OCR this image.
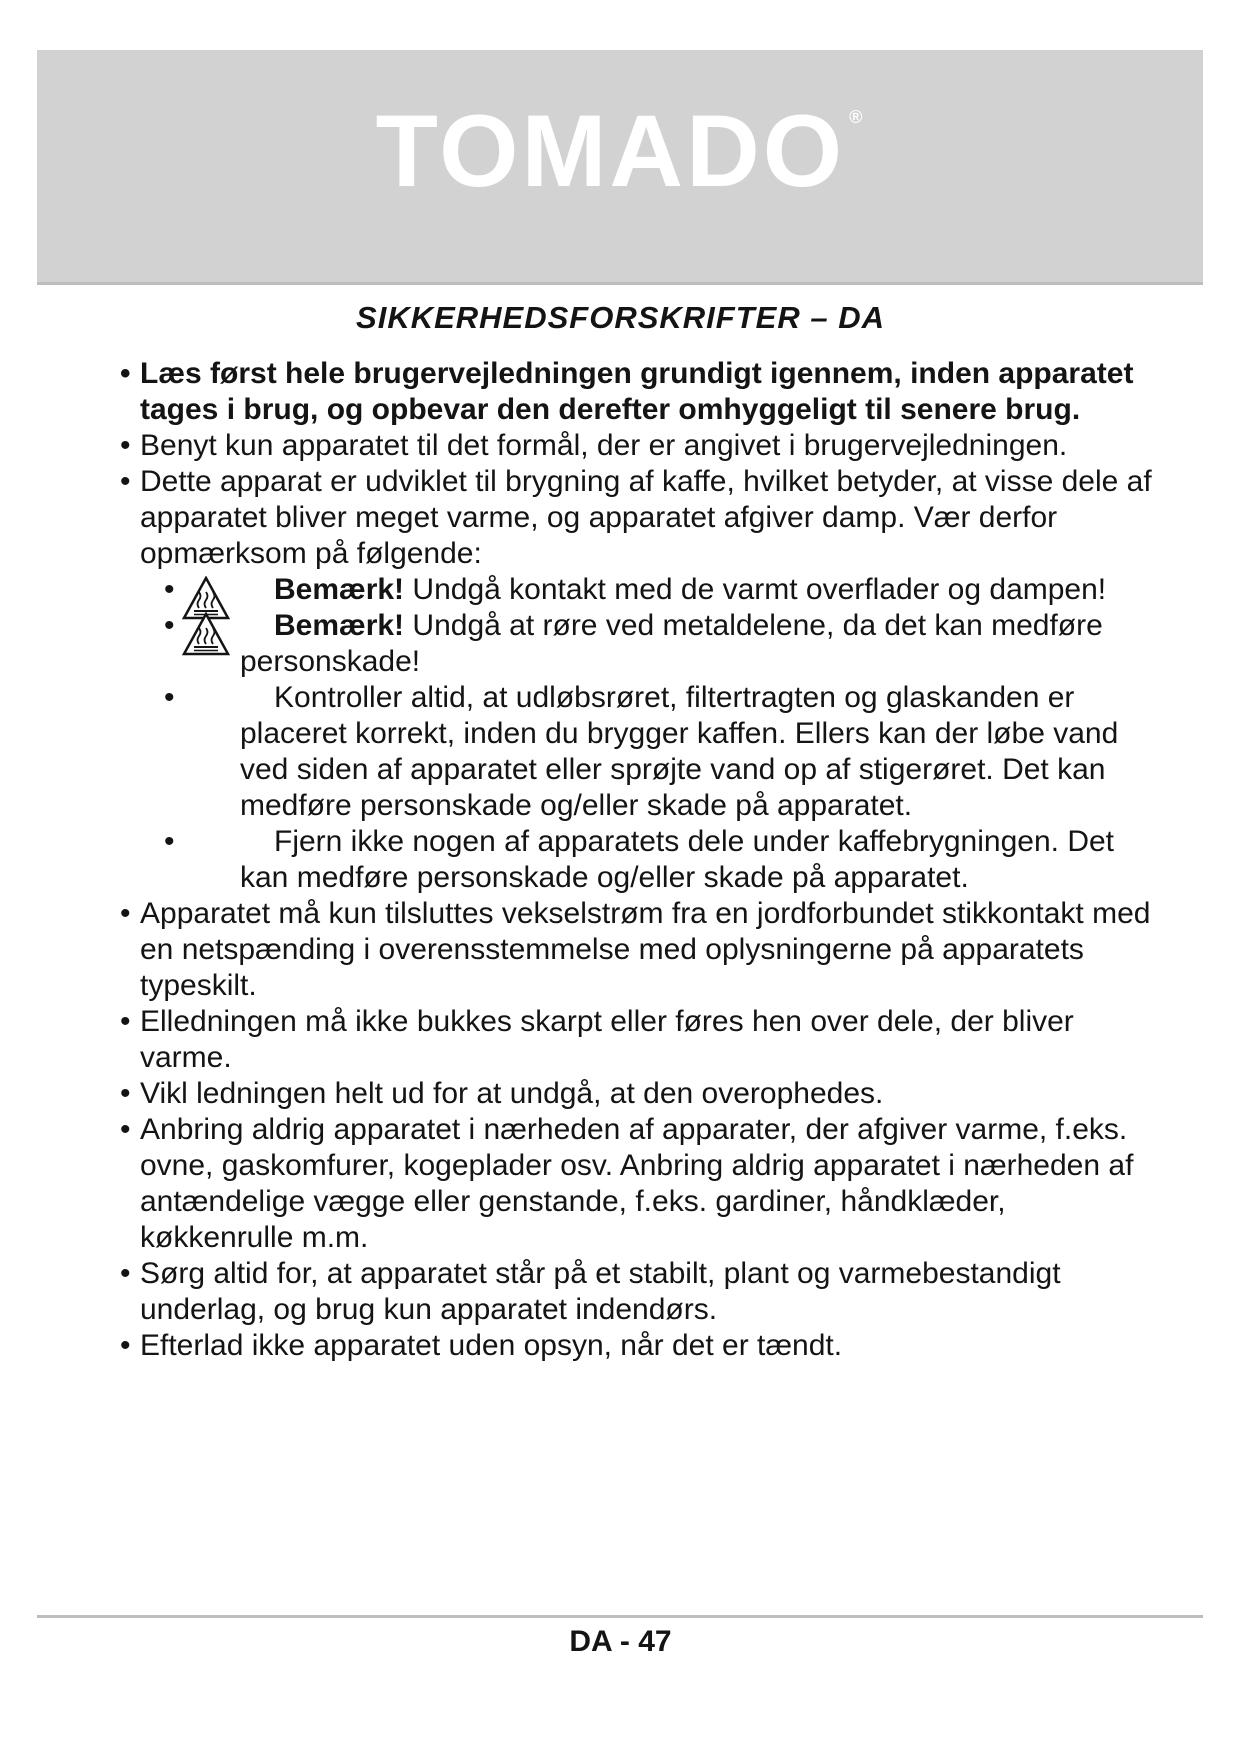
TOMADO ®
SIKKERHEDSFORSKRIFTER – DA
• Læs først hele brugervejledningen grundigt igennem, inden apparatet tages i brug, og opbevar den derefter omhyggeligt til senere brug.
• Benyt kun apparatet til det formål, der er angivet i brugervejledningen.
• Dette apparat er udviklet til brygning af kaffe, hvilket betyder, at visse dele af apparatet bliver meget varme, og apparatet afgiver damp. Vær derfor opmærksom på følgende:
•	Bemærk! Undgå kontakt med de varmt overflader og dampen!
•	Bemærk! Undgå at røre ved metaldelene, da det kan medføre personskade!
•	Kontroller altid, at udløbsrøret, filtertragten og glaskanden er placeret korrekt, inden du brygger kaffen. Ellers kan der løbe vand ved siden af apparatet eller sprøjte vand op af stigerøret. Det kan medføre personskade og/eller skade på apparatet.
•	Fjern ikke nogen af apparatets dele under kaffebrygningen. Det kan medføre personskade og/eller skade på apparatet.
• Apparatet må kun tilsluttes vekselstrøm fra en jordforbundet stikkontakt med en netspænding i overensstemmelse med oplysningerne på apparatets typeskilt.
• Elledningen må ikke bukkes skarpt eller føres hen over dele, der bliver varme.
• Vikl ledningen helt ud for at undgå, at den overophedes.
• Anbring aldrig apparatet i nærheden af apparater, der afgiver varme, f.eks. ovne, gaskomfurer, kogeplader osv. Anbring aldrig apparatet i nærheden af antændelige vægge eller genstande, f.eks. gardiner, håndklæder, køkkenrulle m.m.
• Sørg altid for, at apparatet står på et stabilt, plant og varmebestandigt underlag, og brug kun apparatet indendørs.
• Efterlad ikke apparatet uden opsyn, når det er tændt.
DA - 47
